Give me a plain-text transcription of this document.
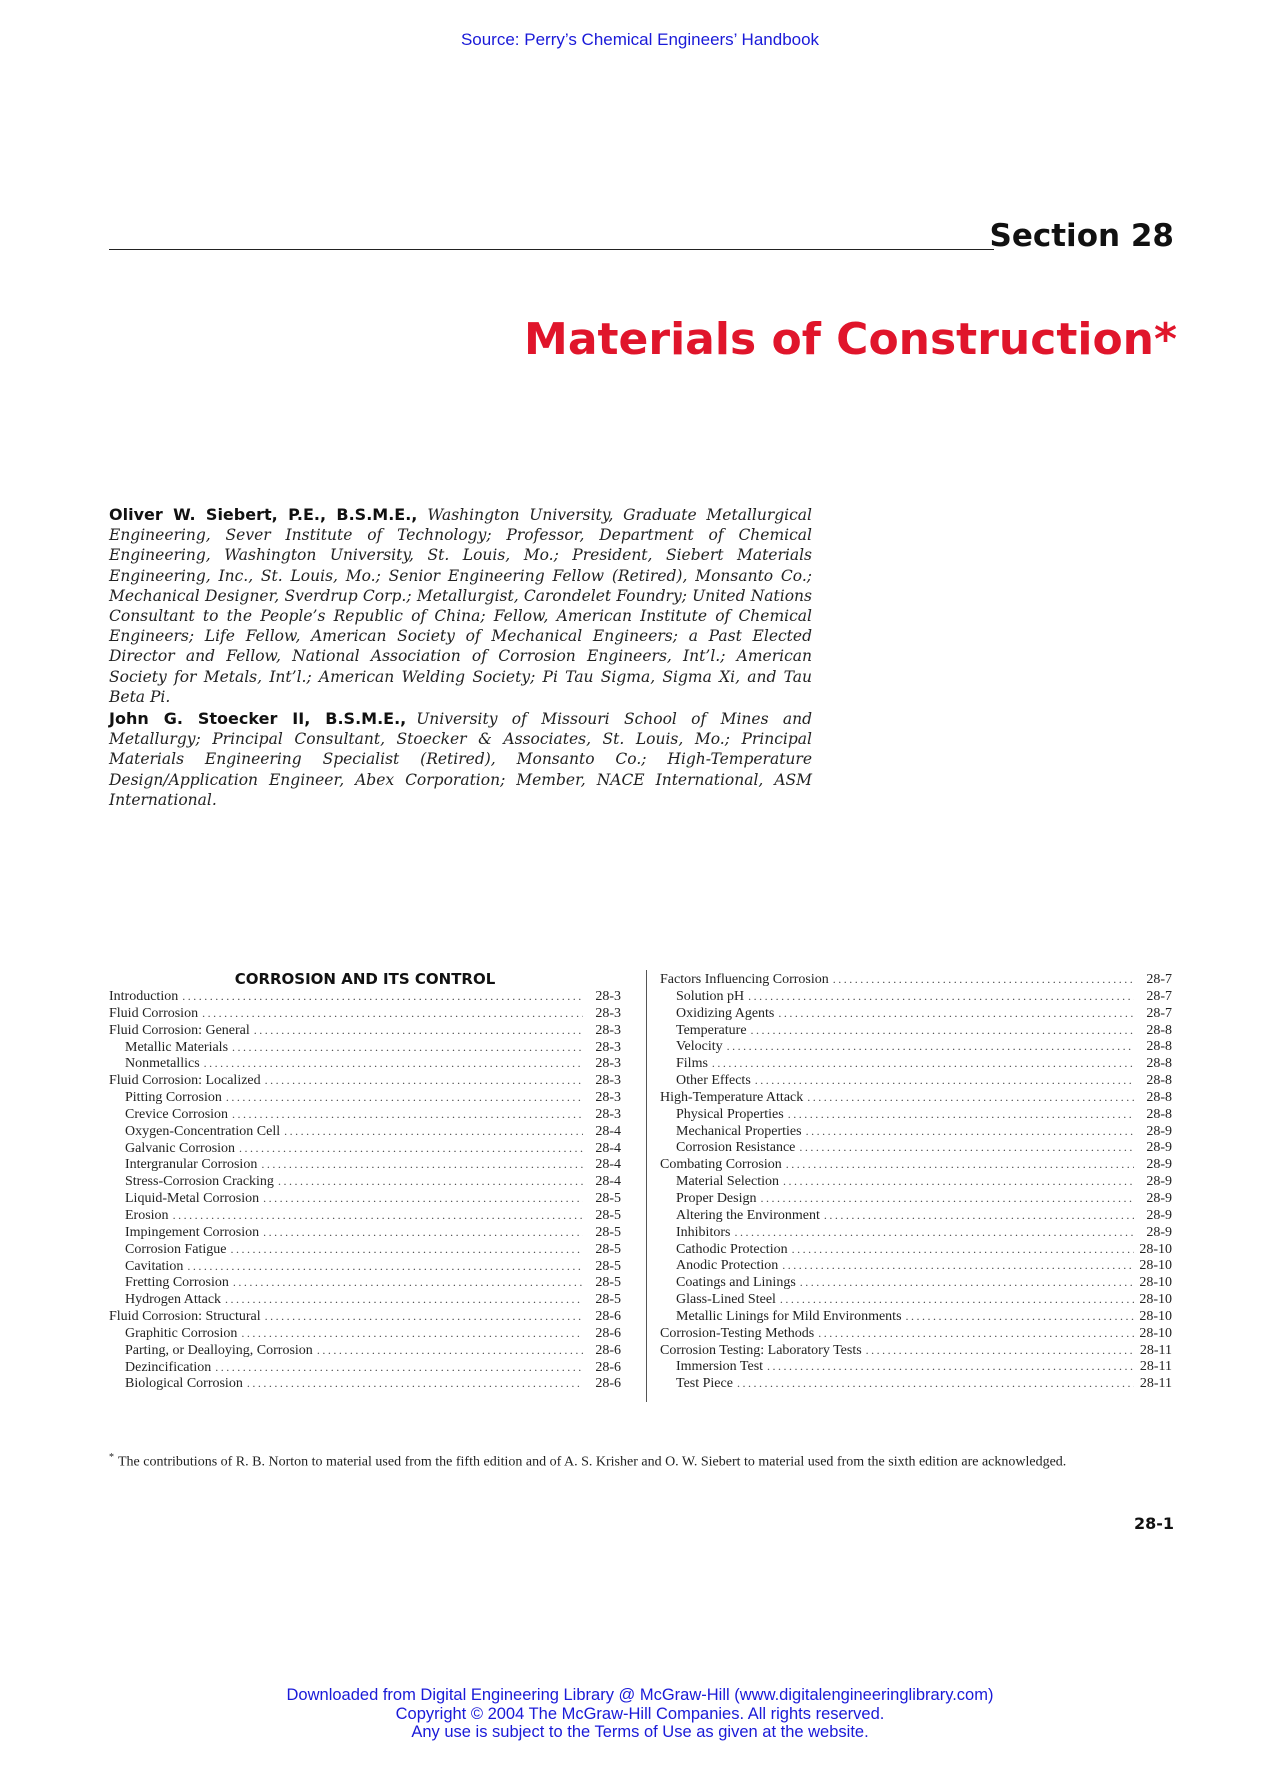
Source: Perry’s Chemical Engineers’ Handbook
Section 28
Materials of Construction*
Oliver W. Siebert, P.E., B.S.M.E., Washington University, Graduate Metallurgical Engineering, Sever Institute of Technology; Professor, Department of Chemical Engineering, Washington University, St. Louis, Mo.; President, Siebert Materials Engineering, Inc., St. Louis, Mo.; Senior Engineering Fellow (Retired), Monsanto Co.; Mechanical Designer, Sverdrup Corp.; Metallurgist, Carondelet Foundry; United Nations Consultant to the People’s Republic of China; Fellow, American Institute of Chemical Engineers; Life Fellow, American Society of Mechanical Engineers; a Past Elected Director and Fellow, National Association of Corrosion Engineers, Int’l.; American Society for Metals, Int’l.; American Welding Society; Pi Tau Sigma, Sigma Xi, and Tau Beta Pi.
John G. Stoecker II, B.S.M.E., University of Missouri School of Mines and Metallurgy; Principal Consultant, Stoecker & Associates, St. Louis, Mo.; Principal Materials Engineering Specialist (Retired), Monsanto Co.; High-Temperature Design/Application Engineer, Abex Corporation; Member, NACE International, ASM International.
CORROSION AND ITS CONTROL
Introduction .....	28-3
Fluid Corrosion .....	28-3
Fluid Corrosion: General .....	28-3
Metallic Materials .....	28-3
Nonmetallics .....	28-3
Fluid Corrosion: Localized .....	28-3
Pitting Corrosion .....	28-3
Crevice Corrosion .....	28-3
Oxygen-Concentration Cell .....	28-4
Galvanic Corrosion .....	28-4
Intergranular Corrosion .....	28-4
Stress-Corrosion Cracking .....	28-4
Liquid-Metal Corrosion .....	28-5
Erosion .....	28-5
Impingement Corrosion .....	28-5
Corrosion Fatigue .....	28-5
Cavitation .....	28-5
Fretting Corrosion .....	28-5
Hydrogen Attack .....	28-5
Fluid Corrosion: Structural .....	28-6
Graphitic Corrosion .....	28-6
Parting, or Dealloying, Corrosion .....	28-6
Dezincification .....	28-6
Biological Corrosion .....	28-6
Factors Influencing Corrosion .....	28-7
Solution pH .....	28-7
Oxidizing Agents .....	28-7
Temperature .....	28-8
Velocity .....	28-8
Films .....	28-8
Other Effects .....	28-8
High-Temperature Attack .....	28-8
Physical Properties .....	28-8
Mechanical Properties .....	28-9
Corrosion Resistance .....	28-9
Combating Corrosion .....	28-9
Material Selection .....	28-9
Proper Design .....	28-9
Altering the Environment .....	28-9
Inhibitors .....	28-9
Cathodic Protection .....	28-10
Anodic Protection .....	28-10
Coatings and Linings .....	28-10
Glass-Lined Steel .....	28-10
Metallic Linings for Mild Environments .....	28-10
Corrosion-Testing Methods .....	28-10
Corrosion Testing: Laboratory Tests .....	28-11
Immersion Test .....	28-11
Test Piece .....	28-11
* The contributions of R. B. Norton to material used from the fifth edition and of A. S. Krisher and O. W. Siebert to material used from the sixth edition are acknowledged.
28-1
Downloaded from Digital Engineering Library @ McGraw-Hill (www.digitalengineeringlibrary.com)
Copyright © 2004 The McGraw-Hill Companies. All rights reserved.
Any use is subject to the Terms of Use as given at the website.
